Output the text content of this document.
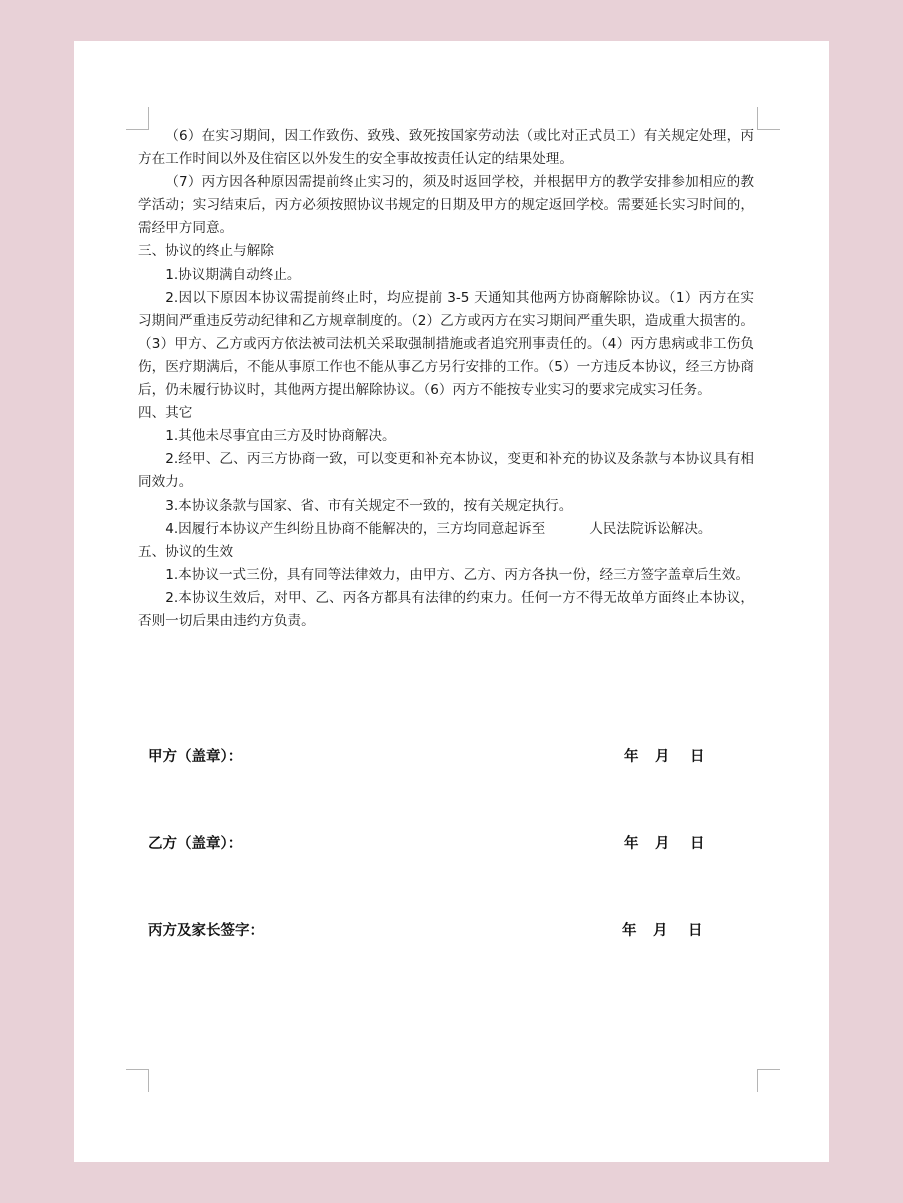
（6）在实习期间，因工作致伤、致残、致死按国家劳动法（或比对正式员工）有关规定处理，丙方在工作时间以外及住宿区以外发生的安全事故按责任认定的结果处理。

（7）丙方因各种原因需提前终止实习的，须及时返回学校，并根据甲方的教学安排参加相应的教学活动；实习结束后，丙方必须按照协议书规定的日期及甲方的规定返回学校。需要延长实习时间的，需经甲方同意。

三、协议的终止与解除

1.协议期满自动终止。

2.因以下原因本协议需提前终止时，均应提前 3-5 天通知其他两方协商解除协议。（1）丙方在实习期间严重违反劳动纪律和乙方规章制度的。（2）乙方或丙方在实习期间严重失职，造成重大损害的。（3）甲方、乙方或丙方依法被司法机关采取强制措施或者追究刑事责任的。（4）丙方患病或非工伤负伤，医疗期满后，不能从事原工作也不能从事乙方另行安排的工作。（5）一方违反本协议，经三方协商后，仍未履行协议时，其他两方提出解除协议。（6）丙方不能按专业实习的要求完成实习任务。

四、其它

1.其他未尽事宜由三方及时协商解决。

2.经甲、乙、丙三方协商一致，可以变更和补充本协议，变更和补充的协议及条款与本协议具有相同效力。

3.本协议条款与国家、省、市有关规定不一致的，按有关规定执行。

4.因履行本协议产生纠纷且协商不能解决的，三方均同意起诉至	人民法院诉讼解决。

五、协议的生效

1.本协议一式三份，具有同等法律效力，由甲方、乙方、丙方各执一份，经三方签字盖章后生效。

2.本协议生效后，对甲、乙、丙各方都具有法律的约束力。任何一方不得无故单方面终止本协议，否则一切后果由违约方负责。

甲方（盖章）：	年 月 日
乙方（盖章）：	年 月 日
丙方及家长签字：	年 月 日
